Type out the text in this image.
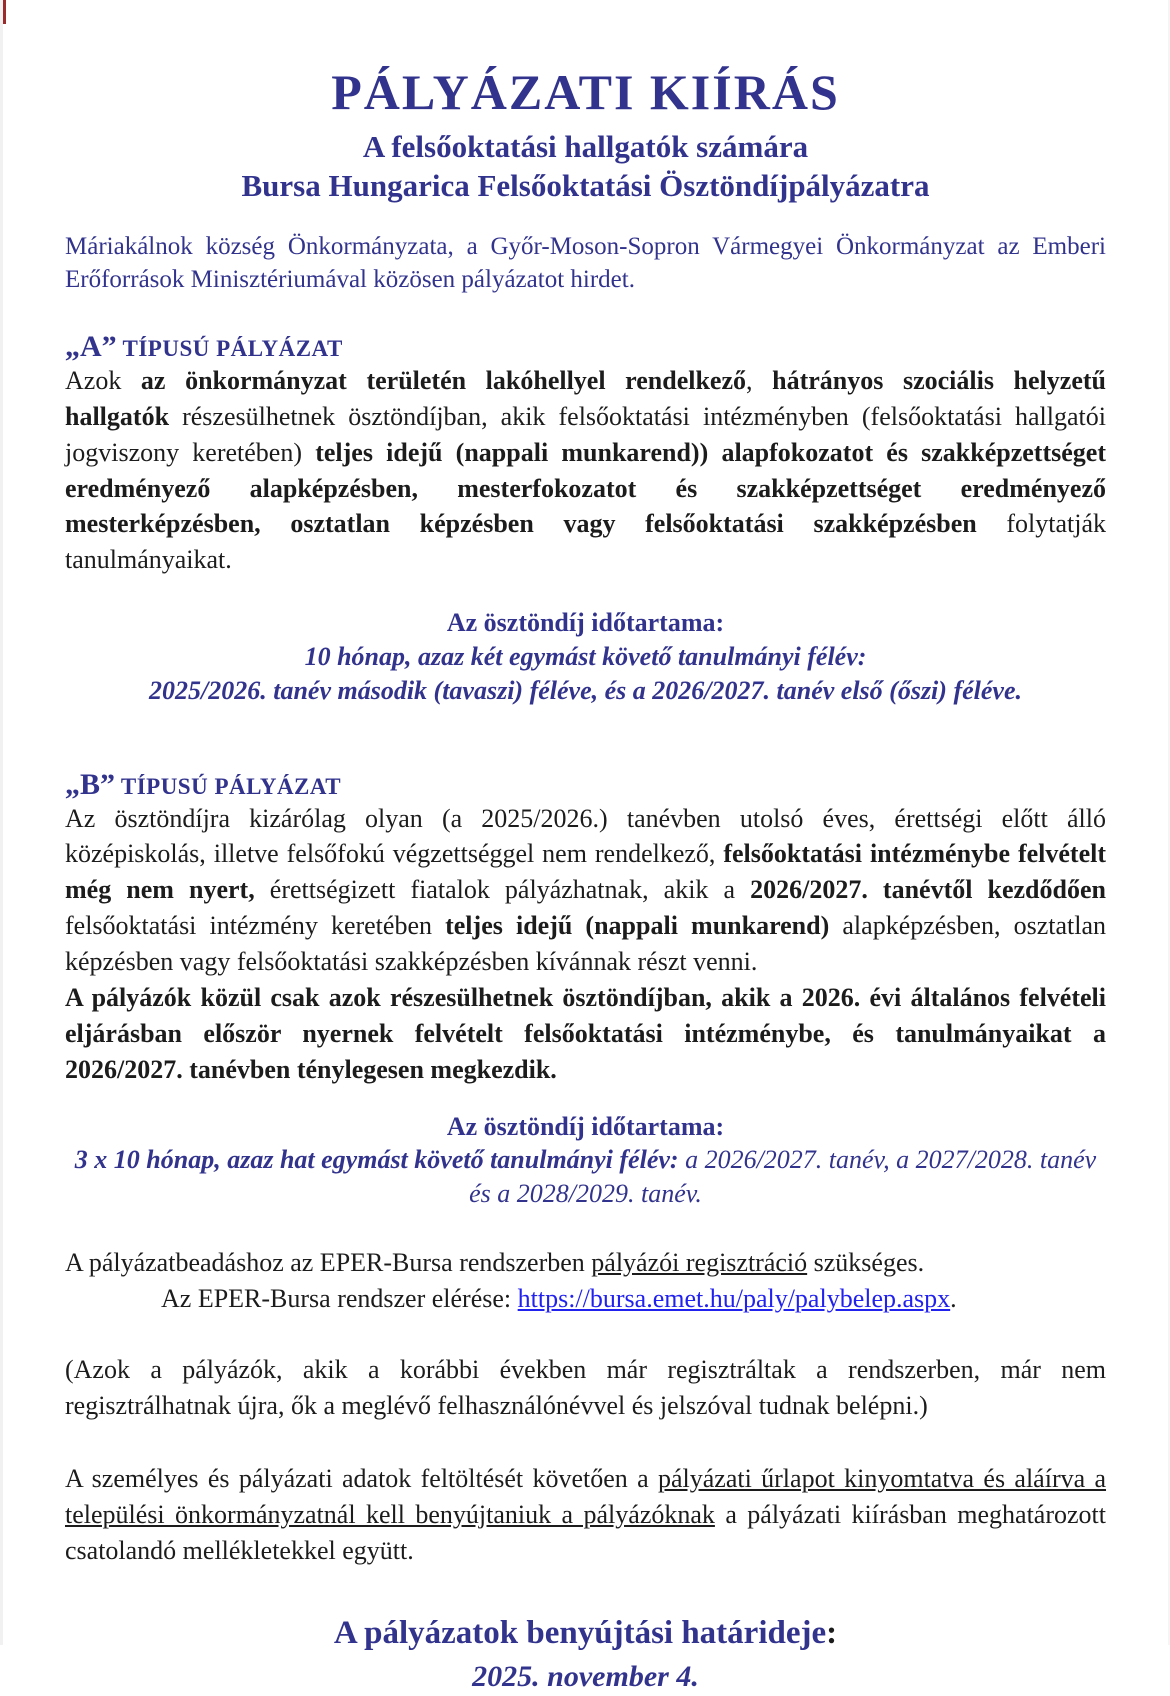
PÁLYÁZATI KIÍRÁS
A felsőoktatási hallgatók számára
Bursa Hungarica Felsőoktatási Ösztöndíjpályázatra
Máriakálnok község Önkormányzata, a Győr-Moson-Sopron Vármegyei Önkormányzat az Emberi Erőforrások Minisztériumával közösen pályázatot hirdet.
„A” TÍPUSÚ PÁLYÁZAT
Azok az önkormányzat területén lakóhellyel rendelkező, hátrányos szociális helyzetű hallgatók részesülhetnek ösztöndíjban, akik felsőoktatási intézményben (felsőoktatási hallgatói jogviszony keretében) teljes idejű (nappali munkarend)) alapfokozatot és szakképzettséget eredményező alapképzésben, mesterfokozatot és szakképzettséget eredményező mesterképzésben, osztatlan képzésben vagy felsőoktatási szakképzésben folytatják tanulmányaikat.
Az ösztöndíj időtartama:
10 hónap, azaz két egymást követő tanulmányi félév:
2025/2026. tanév második (tavaszi) féléve, és a 2026/2027. tanév első (őszi) féléve.
„B” TÍPUSÚ PÁLYÁZAT
Az ösztöndíjra kizárólag olyan (a 2025/2026.) tanévben utolsó éves, érettségi előtt álló középiskolás, illetve felsőfokú végzettséggel nem rendelkező, felsőoktatási intézménybe felvételt még nem nyert, érettségizett fiatalok pályázhatnak, akik a 2026/2027. tanévtől kezdődően felsőoktatási intézmény keretében teljes idejű (nappali munkarend) alapképzésben, osztatlan képzésben vagy felsőoktatási szakképzésben kívánnak részt venni.
A pályázók közül csak azok részesülhetnek ösztöndíjban, akik a 2026. évi általános felvételi eljárásban először nyernek felvételt felsőoktatási intézménybe, és tanulmányaikat a 2026/2027. tanévben ténylegesen megkezdik.
Az ösztöndíj időtartama:
3 x 10 hónap, azaz hat egymást követő tanulmányi félév: a 2026/2027. tanév, a 2027/2028. tanév és a 2028/2029. tanév.
A pályázatbeadáshoz az EPER-Bursa rendszerben pályázói regisztráció szükséges.
Az EPER-Bursa rendszer elérése: https://bursa.emet.hu/paly/palybelep.aspx.
(Azok a pályázók, akik a korábbi években már regisztráltak a rendszerben, már nem regisztrálhatnak újra, ők a meglévő felhasználónévvel és jelszóval tudnak belépni.)
A személyes és pályázati adatok feltöltését követően a pályázati űrlapot kinyomtatva és aláírva a települési önkormányzatnál kell benyújtaniuk a pályázóknak a pályázati kiírásban meghatározott csatolandó mellékletekkel együtt.
A pályázatok benyújtási határideje:
2025. november 4.
